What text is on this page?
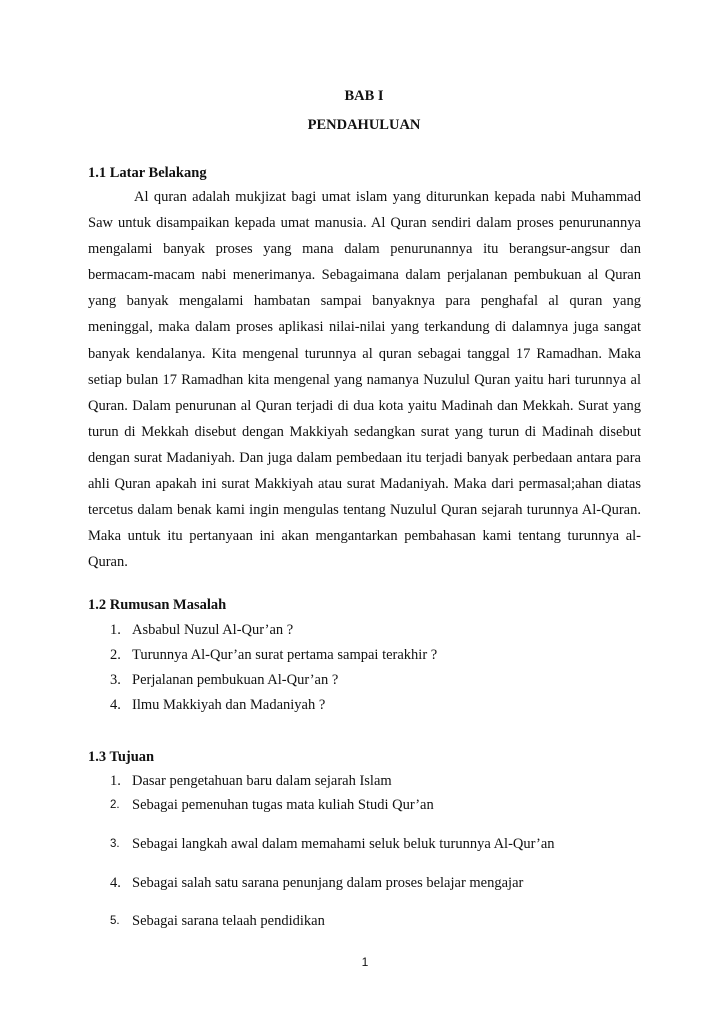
BAB I
PENDAHULUAN
1.1 Latar Belakang

Al quran adalah mukjizat bagi umat islam yang diturunkan kepada nabi Muhammad Saw untuk disampaikan kepada umat manusia. Al Quran sendiri dalam proses penurunannya mengalami banyak proses yang mana dalam penurunannya itu berangsur-angsur dan bermacam-macam nabi menerimanya. Sebagaimana dalam perjalanan pembukuan al Quran yang banyak mengalami hambatan sampai banyaknya para penghafal al quran yang meninggal, maka dalam proses aplikasi nilai-nilai yang terkandung di dalamnya juga sangat banyak kendalanya. Kita mengenal turunnya al quran sebagai tanggal 17 Ramadhan. Maka setiap bulan 17 Ramadhan kita mengenal yang namanya Nuzulul Quran yaitu hari turunnya al Quran. Dalam penurunan al Quran terjadi di dua kota yaitu Madinah dan Mekkah. Surat yang turun di Mekkah disebut dengan Makkiyah sedangkan surat yang turun di Madinah disebut dengan surat Madaniyah. Dan juga dalam pembedaan itu terjadi banyak perbedaan antara para ahli Quran apakah ini surat Makkiyah atau surat Madaniyah. Maka dari permasal;ahan diatas tercetus dalam benak kami ingin mengulas tentang Nuzulul Quran sejarah turunnya Al-Quran. Maka untuk itu pertanyaan ini akan mengantarkan pembahasan kami tentang turunnya al-Quran.

1.2 Rumusan Masalah
1. Asbabul Nuzul Al-Qur’an ?
2. Turunnya Al-Qur’an surat pertama sampai terakhir ?
3. Perjalanan pembukuan Al-Qur’an ?
4. Ilmu Makkiyah dan Madaniyah ?
1.3 Tujuan
1. Dasar pengetahuan baru dalam sejarah Islam
2. Sebagai pemenuhan tugas mata kuliah Studi Qur’an
3. Sebagai langkah awal dalam memahami seluk beluk turunnya Al-Qur’an
4. Sebagai salah satu sarana penunjang dalam proses belajar mengajar
5. Sebagai sarana telaah pendidikan
1
